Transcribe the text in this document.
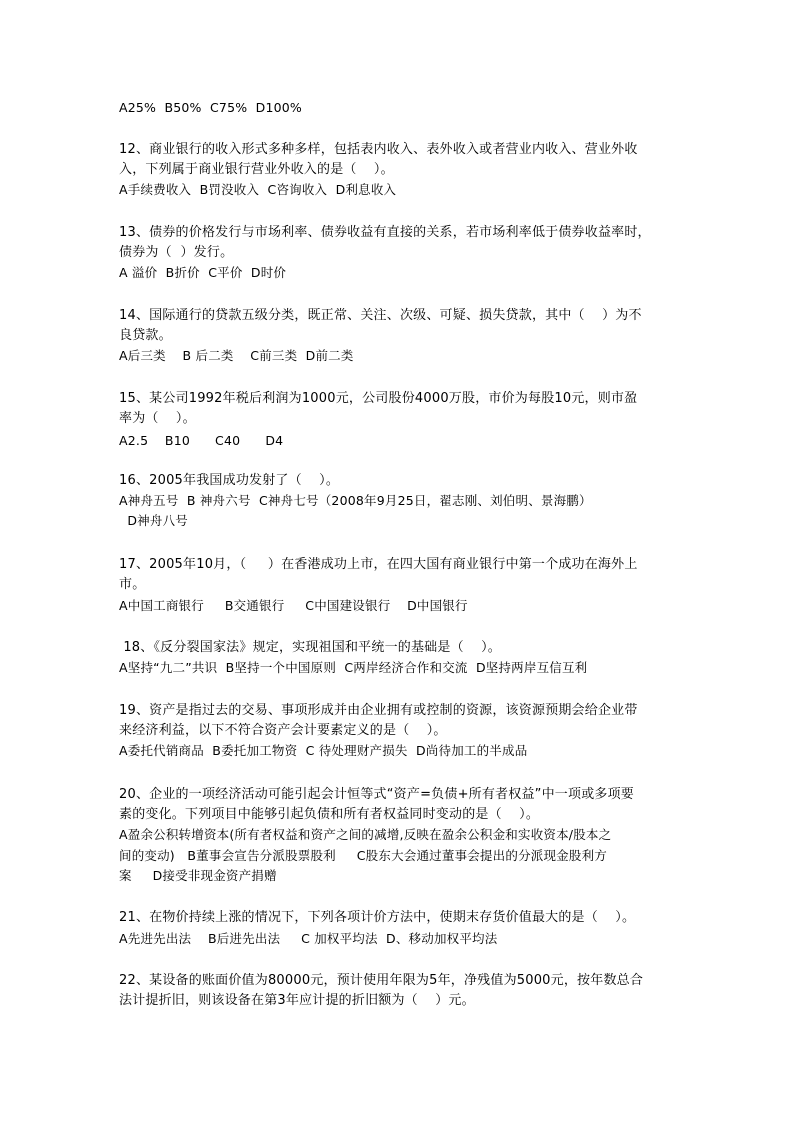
A25%  B50%  C75%  D100%
12、商业银行的收入形式多种多样，包括表内收入、表外收入或者营业内收入、营业外收
入，下列属于商业银行营业外收入的是（    ）。
A手续费收入  B罚没收入  C咨询收入  D利息收入
13、债券的价格发行与市场利率、债券收益有直接的关系，若市场利率低于债券收益率时，
债券为（  ）发行。
A 溢价  B折价  C平价  D时价
14、国际通行的贷款五级分类，既正常、关注、次级、可疑、损失贷款，其中（    ）为不
良贷款。
A后三类    B 后二类    C前三类  D前二类
15、某公司1992年税后利润为1000元，公司股份4000万股，市价为每股10元，则市盈
率为（    ）。
A2.5    B10      C40      D4
16、2005年我国成功发射了（    ）。
A神舟五号  B 神舟六号  C神舟七号（2008年9月25日，翟志刚、刘伯明、景海鹏）
D神舟八号
17、2005年10月，（     ）在香港成功上市，在四大国有商业银行中第一个成功在海外上
市。
A中国工商银行     B交通银行     C中国建设银行    D中国银行
18、《反分裂国家法》规定，实现祖国和平统一的基础是（    ）。
A坚持“九二”共识  B坚持一个中国原则  C两岸经济合作和交流  D坚持两岸互信互利
19、资产是指过去的交易、事项形成并由企业拥有或控制的资源，该资源预期会给企业带
来经济利益，以下不符合资产会计要素定义的是（    ）。
A委托代销商品  B委托加工物资  C 待处理财产损失  D尚待加工的半成品
20、企业的一项经济活动可能引起会计恒等式“资产=负债+所有者权益”中一项或多项要
素的变化。下列项目中能够引起负债和所有者权益同时变动的是（    ）。
A盈余公积转增资本(所有者权益和资产之间的减增,反映在盈余公积金和实收资本/股本之
间的变动)   B董事会宣告分派股票股利     C股东大会通过董事会提出的分派现金股利方
案     D接受非现金资产捐赠
21、在物价持续上涨的情况下，下列各项计价方法中，使期末存货价值最大的是（    ）。
A先进先出法    B后进先出法     C 加权平均法  D、移动加权平均法
22、某设备的账面价值为80000元，预计使用年限为5年，净残值为5000元，按年数总合
法计提折旧，则该设备在第3年应计提的折旧额为（    ）元。
